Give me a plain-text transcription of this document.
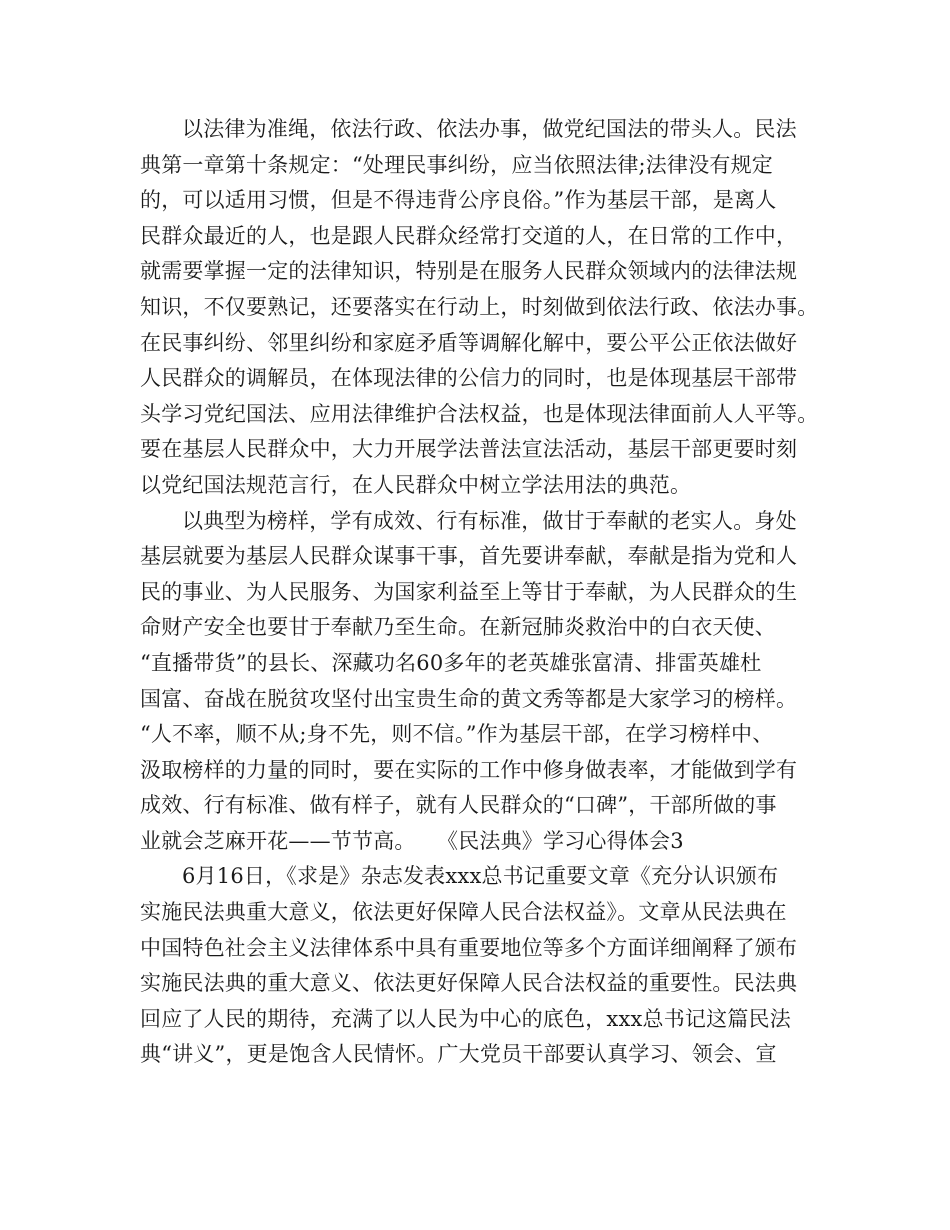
以法律为准绳，依法行政、依法办事，做党纪国法的带头人。民法
典第一章第十条规定：“处理民事纠纷，应当依照法律;法律没有规定
的，可以适用习惯，但是不得违背公序良俗。”作为基层干部，是离人
民群众最近的人，也是跟人民群众经常打交道的人，在日常的工作中，
就需要掌握一定的法律知识，特别是在服务人民群众领域内的法律法规
知识，不仅要熟记，还要落实在行动上，时刻做到依法行政、依法办事。
在民事纠纷、邻里纠纷和家庭矛盾等调解化解中，要公平公正依法做好
人民群众的调解员，在体现法律的公信力的同时，也是体现基层干部带
头学习党纪国法、应用法律维护合法权益，也是体现法律面前人人平等。
要在基层人民群众中，大力开展学法普法宣法活动，基层干部更要时刻
以党纪国法规范言行，在人民群众中树立学法用法的典范。
以典型为榜样，学有成效、行有标准，做甘于奉献的老实人。身处
基层就要为基层人民群众谋事干事，首先要讲奉献，奉献是指为党和人
民的事业、为人民服务、为国家利益至上等甘于奉献，为人民群众的生
命财产安全也要甘于奉献乃至生命。在新冠肺炎救治中的白衣天使、
“直播带货”的县长、深藏功名60多年的老英雄张富清、排雷英雄杜
国富、奋战在脱贫攻坚付出宝贵生命的黄文秀等都是大家学习的榜样。
“人不率，顺不从;身不先，则不信。”作为基层干部，在学习榜样中、
汲取榜样的力量的同时，要在实际的工作中修身做表率，才能做到学有
成效、行有标准、做有样子，就有人民群众的“口碑”，干部所做的事
业就会芝麻开花——节节高。　　《民法典》学习心得体会3
6月16日，《求是》杂志发表xxx总书记重要文章《充分认识颁布
实施民法典重大意义，依法更好保障人民合法权益》。文章从民法典在
中国特色社会主义法律体系中具有重要地位等多个方面详细阐释了颁布
实施民法典的重大意义、依法更好保障人民合法权益的重要性。民法典
回应了人民的期待，充满了以人民为中心的底色，xxx总书记这篇民法
典“讲义”，更是饱含人民情怀。广大党员干部要认真学习、领会、宣
